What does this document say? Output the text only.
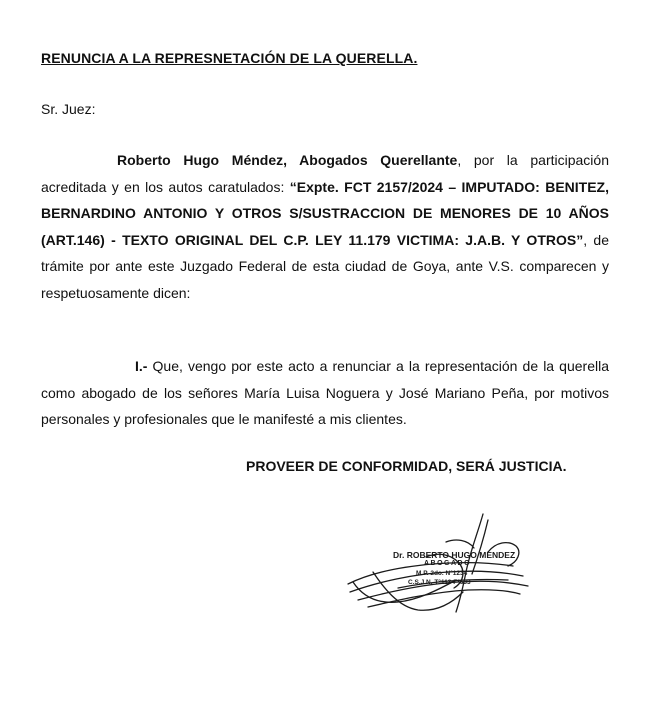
RENUNCIA A LA REPRESNETACIÓN DE LA QUERELLA.
Sr. Juez:

Roberto Hugo Méndez, Abogados Querellante, por la participación acreditada y en los autos caratulados: “Expte. FCT 2157/2024 – IMPUTADO: BENITEZ, BERNARDINO ANTONIO Y OTROS S/SUSTRACCION DE MENORES DE 10 AÑOS (ART.146) - TEXTO ORIGINAL DEL C.P. LEY 11.179 VICTIMA: J.A.B. Y OTROS”, de trámite por ante este Juzgado Federal de esta ciudad de Goya, ante V.S. comparecen y respetuosamente dicen:

I.- Que, vengo por este acto a renunciar a la representación de la querella como abogado de los señores María Luisa Noguera y José Mariano Peña, por motivos personales y profesionales que le manifesté a mis clientes.

PROVEER DE CONFORMIDAD, SERÁ JUSTICIA.
Dr. ROBERTO HUGO MENDEZ
ABOGADO
M.P. 2do. N°1234
C.S.J.N. T°113 F°633
